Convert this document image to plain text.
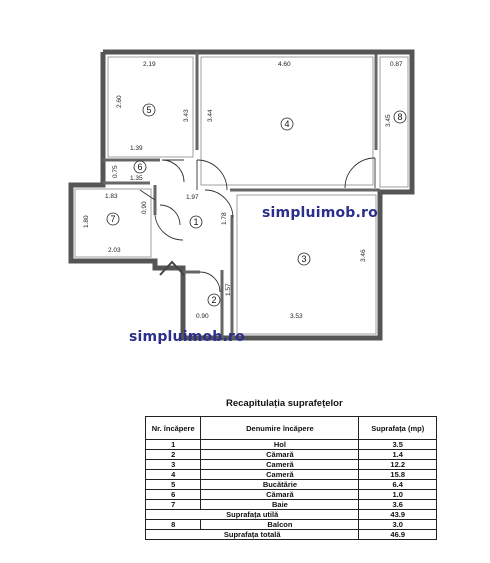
2.19
2.60
3.43
4.60
3.44
0.87
3.45
1.39
1.35
0.75
1.83
2.03
1.80
0.90
1.97
1.78
3.53
3.46
0.90
1.57
1
2
3
4
5
6
7
8
simpluimob.ro
simpluimob.ro
Recapitulația suprafețelor
Nr. încăpere	Denumire încăpere	Suprafața (mp)
1	Hol	3.5
2	Cămară	1.4
3	Cameră	12.2
4	Cameră	15.8
5	Bucătărie	6.4
6	Cămară	1.0
7	Baie	3.6
Suprafața utilă		43.9
8	Balcon	3.0
Suprafața totală		46.9
